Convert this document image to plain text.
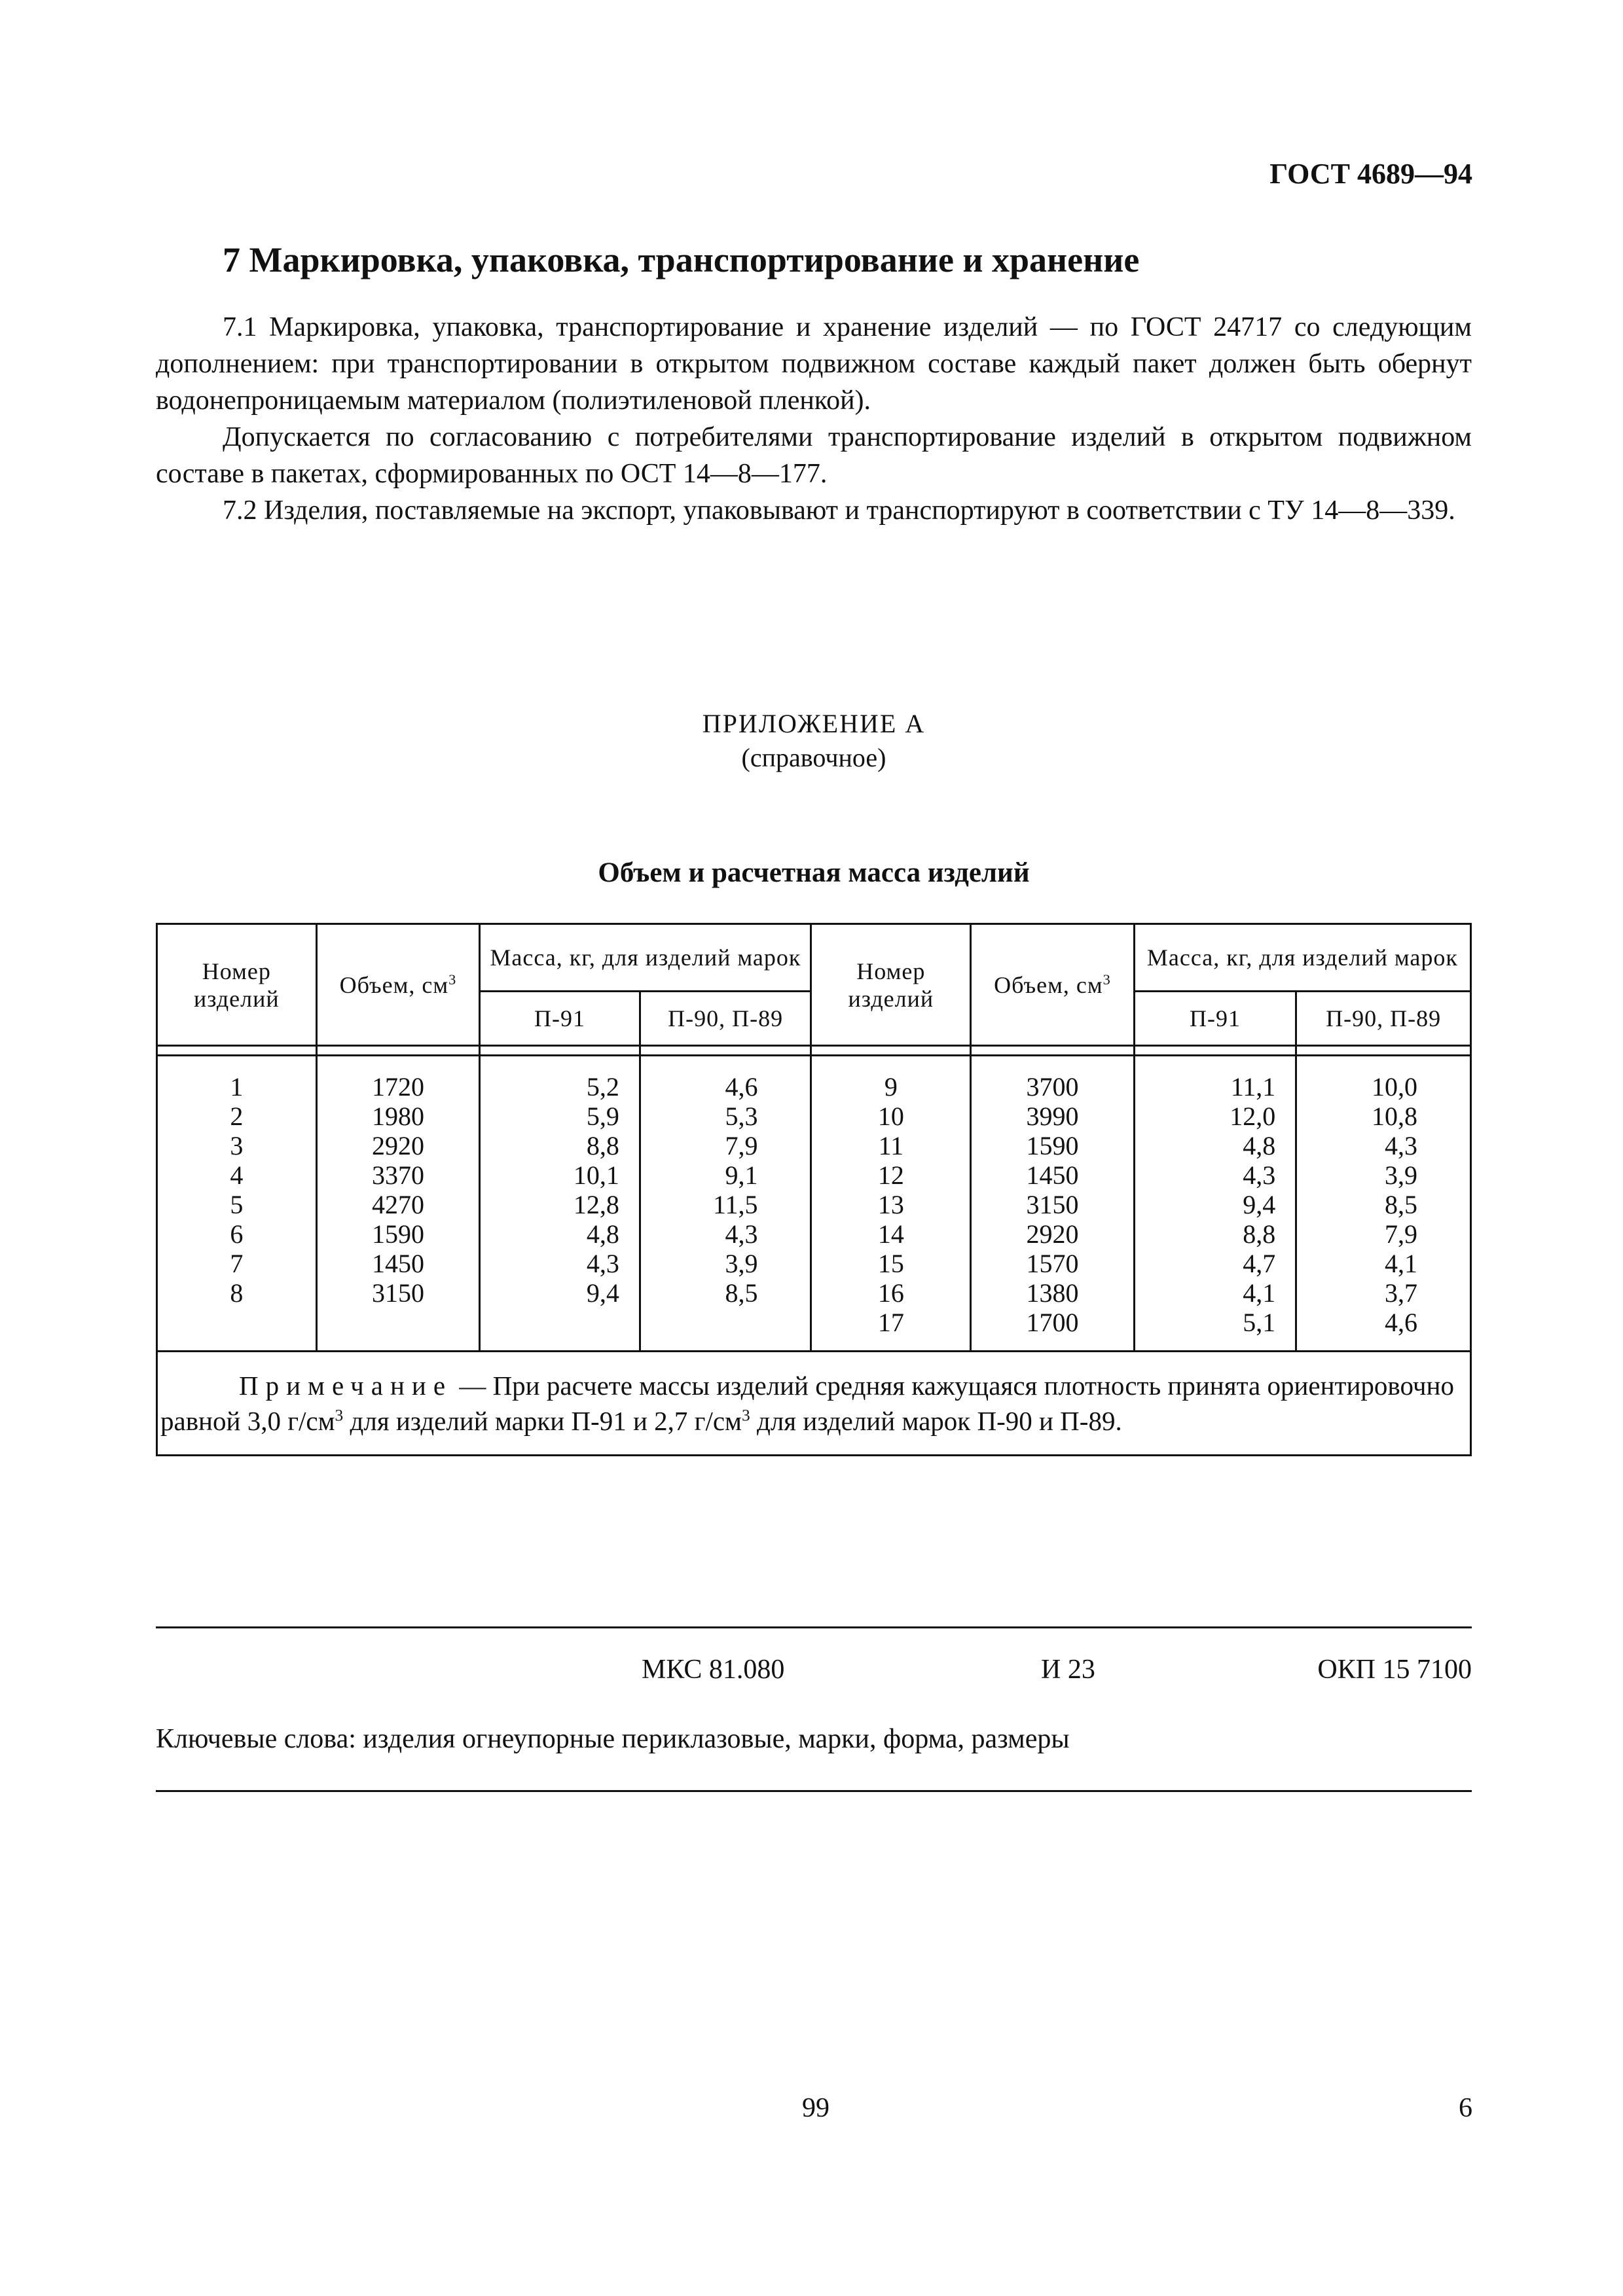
ГОСТ 4689—94
7 Маркировка, упаковка, транспортирование и хранение

7.1 Маркировка, упаковка, транспортирование и хранение изделий — по ГОСТ 24717 со следующим дополнением: при транспортировании в открытом подвижном составе каждый пакет должен быть обернут водонепроницаемым материалом (полиэтиленовой пленкой).

Допускается по согласованию с потребителями транспортирование изделий в открытом подвижном составе в пакетах, сформированных по ОСТ 14—8—177.

7.2 Изделия, поставляемые на экспорт, упаковывают и транспортируют в соответствии с ТУ 14—8—339.

ПРИЛОЖЕНИЕ А
(справочное)
Объем и расчетная масса изделий
Номер изделий	Объем, $см^3$	Масса, кг, для изделий марок		Номер изделий	Объем, $см^3$	Масса, кг, для изделий марок	
		П-91	П-90, П-89			П-91	П-90, П-89

1	1720	5,2	4,6	9	3700	11,1	10,0
2	1980	5,9	5,3	10	3990	12,0	10,8
3	2920	8,8	7,9	11	1590	4,8	4,3
4	3370	10,1	9,1	12	1450	4,3	3,9
5	4270	12,8	11,5	13	3150	9,4	8,5
6	1590	4,8	4,3	14	2920	8,8	7,9
7	1450	4,3	3,9	15	1570	4,7	4,1
8	3150	9,4	8,5	16	1380	4,1	3,7
				17	1700	5,1	4,6
Примечание — При расчете массы изделий средняя кажущаяся плотность принята ориентировочно равной 3,0 $г/см^3$ для изделий марки П-91 и 2,7 $г/см^3$ для изделий марок П-90 и П-89.							
МКС 81.080	И 23	ОКП 15 7100
Ключевые слова: изделия огнеупорные периклазовые, марки, форма, размеры
99	6
